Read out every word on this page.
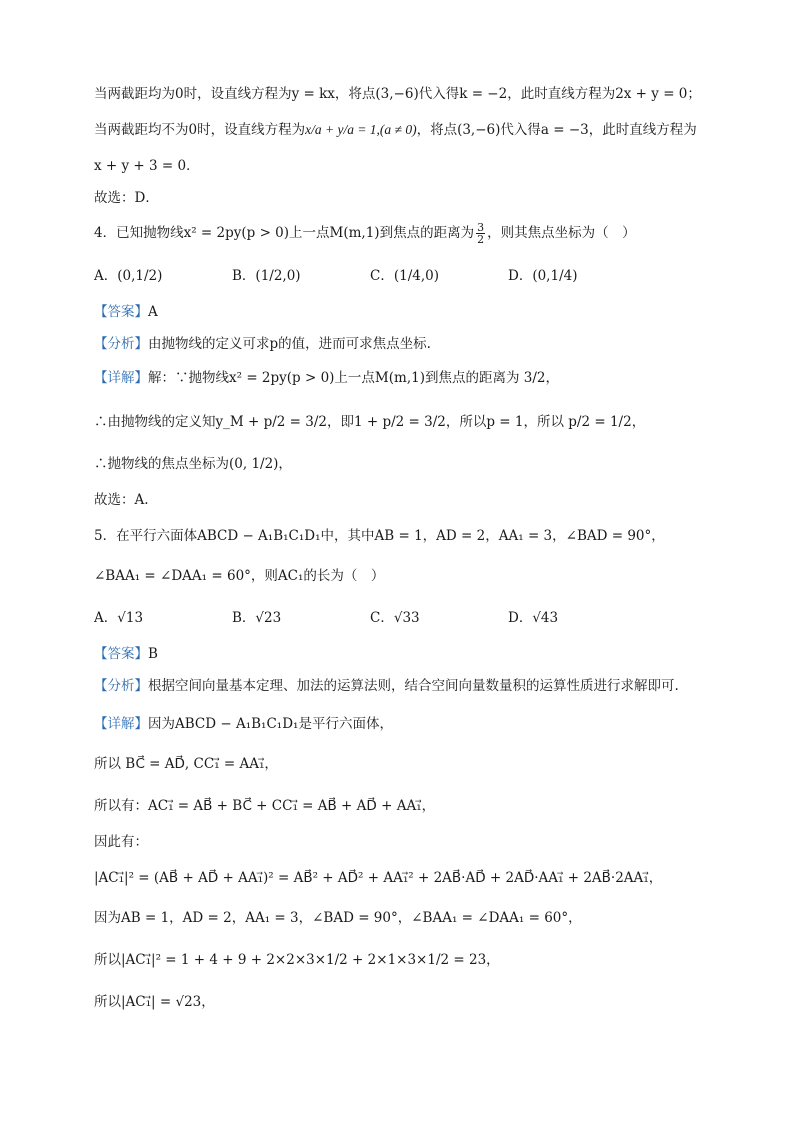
当两截距均为0时，设直线方程为y = kx，将点(3,−6)代入得k = −2，此时直线方程为2x + y = 0；
当两截距均不为0时，设直线方程为x/a + y/a = 1,(a ≠ 0)，将点(3,−6)代入得a = −3，此时直线方程为
x + y + 3 = 0．
故选：D．
4．已知抛物线x² = 2py(p > 0)上一点M(m,1)到焦点的距离为 $\frac{3}{2}$ ，则其焦点坐标为（　）
A．(0,1/2)	B．(1/2,0)	C．(1/4,0)	D．(0,1/4)
【答案】A
【分析】由抛物线的定义可求p的值，进而可求焦点坐标.
【详解】解：∵抛物线x² = 2py(p > 0)上一点M(m,1)到焦点的距离为 3/2，
∴由抛物线的定义知y_M + p/2 = 3/2，即1 + p/2 = 3/2，所以p = 1，所以 p/2 = 1/2，
∴抛物线的焦点坐标为(0, 1/2)，
故选：A.
5．在平行六面体ABCD − A₁B₁C₁D₁中，其中AB = 1，AD = 2，AA₁ = 3，∠BAD = 90°，
∠BAA₁ = ∠DAA₁ = 60°，则AC₁的长为（　）
A．√13	B．√23	C．√33	D．√43
【答案】B
【分析】根据空间向量基本定理、加法的运算法则，结合空间向量数量积的运算性质进行求解即可.
【详解】因为ABCD − A₁B₁C₁D₁是平行六面体，
所以 BC⃗ = AD⃗, CC₁⃗ = AA₁⃗，
所以有：AC₁⃗ = AB⃗ + BC⃗ + CC₁⃗ = AB⃗ + AD⃗ + AA₁⃗，
因此有：
|AC₁⃗|² = (AB⃗ + AD⃗ + AA₁⃗)² = AB⃗² + AD⃗² + AA₁⃗² + 2AB⃗·AD⃗ + 2AD⃗·AA₁⃗ + 2AB⃗·2AA₁⃗，
因为AB = 1，AD = 2，AA₁ = 3，∠BAD = 90°，∠BAA₁ = ∠DAA₁ = 60°，
所以|AC₁⃗|² = 1 + 4 + 9 + 2×2×3×1/2 + 2×1×3×1/2 = 23，
所以|AC₁⃗| = √23，
